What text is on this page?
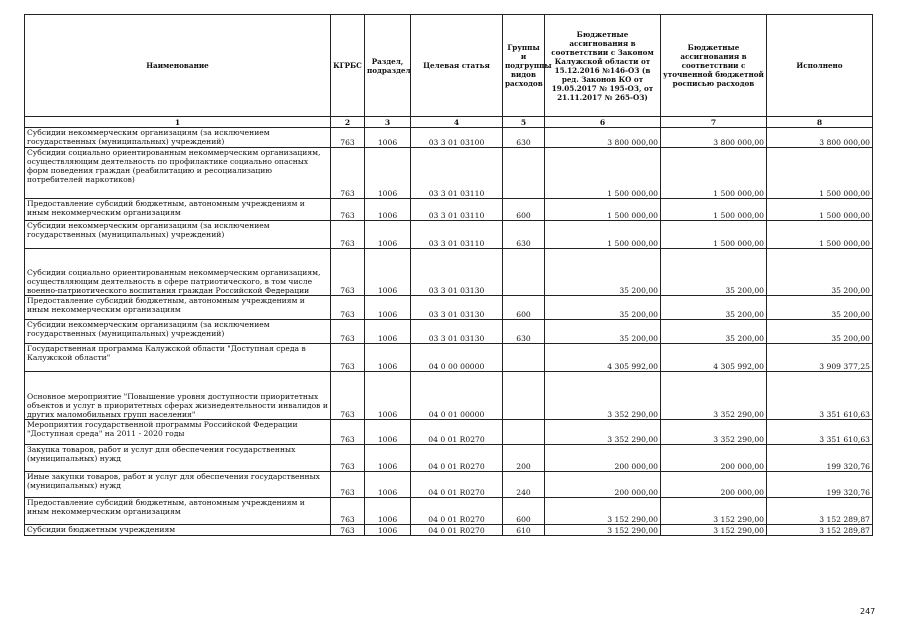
Наименование	КГРБС	Раздел, подраздел	Целевая статья	Группы и подгруппы видов расходов	Бюджетные ассигнования в соответствии с Законом Калужской области от 15.12.2016 №146-ОЗ (в ред. Законов КО от 19.05.2017 № 195-ОЗ, от 21.11.2017 № 265-ОЗ)	Бюджетные ассигнования в соответствии с уточненной бюджетной росписью расходов	Исполнено
1	2	3	4	5	6	7	8
Субсидии некоммерческим организациям (за исключением государственных (муниципальных) учреждений)	763	1006	03 3 01 03100	630	3 800 000,00	3 800 000,00	3 800 000,00
Субсидии социально ориентированным некоммерческим организациям, осуществляющим деятельность по профилактике социально опасных форм поведения граждан (реабилитацию и ресоциализацию потребителей наркотиков)	763	1006	03 3 01 03110		1 500 000,00	1 500 000,00	1 500 000,00
Предоставление субсидий бюджетным, автономным учреждениям и иным некоммерческим организациям	763	1006	03 3 01 03110	600	1 500 000,00	1 500 000,00	1 500 000,00
Субсидии некоммерческим организациям (за исключением государственных (муниципальных) учреждений)	763	1006	03 3 01 03110	630	1 500 000,00	1 500 000,00	1 500 000,00
Субсидии социально ориентированным некоммерческим организациям, осуществляющим деятельность в сфере патриотического, в том числе военно-патриотического воспитания граждан Российской Федерации	763	1006	03 3 01 03130		35 200,00	35 200,00	35 200,00
Предоставление субсидий бюджетным, автономным учреждениям и иным некоммерческим организациям	763	1006	03 3 01 03130	600	35 200,00	35 200,00	35 200,00
Субсидии некоммерческим организациям (за исключением государственных (муниципальных) учреждений)	763	1006	03 3 01 03130	630	35 200,00	35 200,00	35 200,00
Государственная программа Калужской области "Доступная среда в Калужской области"	763	1006	04 0 00 00000		4 305 992,00	4 305 992,00	3 909 377,25
Основное мероприятие "Повышение уровня доступности приоритетных объектов и услуг в приоритетных сферах жизнедеятельности инвалидов и других маломобильных групп населения"	763	1006	04 0 01 00000		3 352 290,00	3 352 290,00	3 351 610,63
Мероприятия государственной программы Российской Федерации "Доступная среда" на 2011 - 2020 годы	763	1006	04 0 01 R0270		3 352 290,00	3 352 290,00	3 351 610,63
Закупка товаров, работ и услуг для обеспечения государственных (муниципальных) нужд	763	1006	04 0 01 R0270	200	200 000,00	200 000,00	199 320,76
Иные закупки товаров, работ и услуг для обеспечения государственных (муниципальных) нужд	763	1006	04 0 01 R0270	240	200 000,00	200 000,00	199 320,76
Предоставление субсидий бюджетным, автономным учреждениям и иным некоммерческим организациям	763	1006	04 0 01 R0270	600	3 152 290,00	3 152 290,00	3 152 289,87
Субсидии бюджетным учреждениям	763	1006	04 0 01 R0270	610	3 152 290,00	3 152 290,00	3 152 289,87
247
